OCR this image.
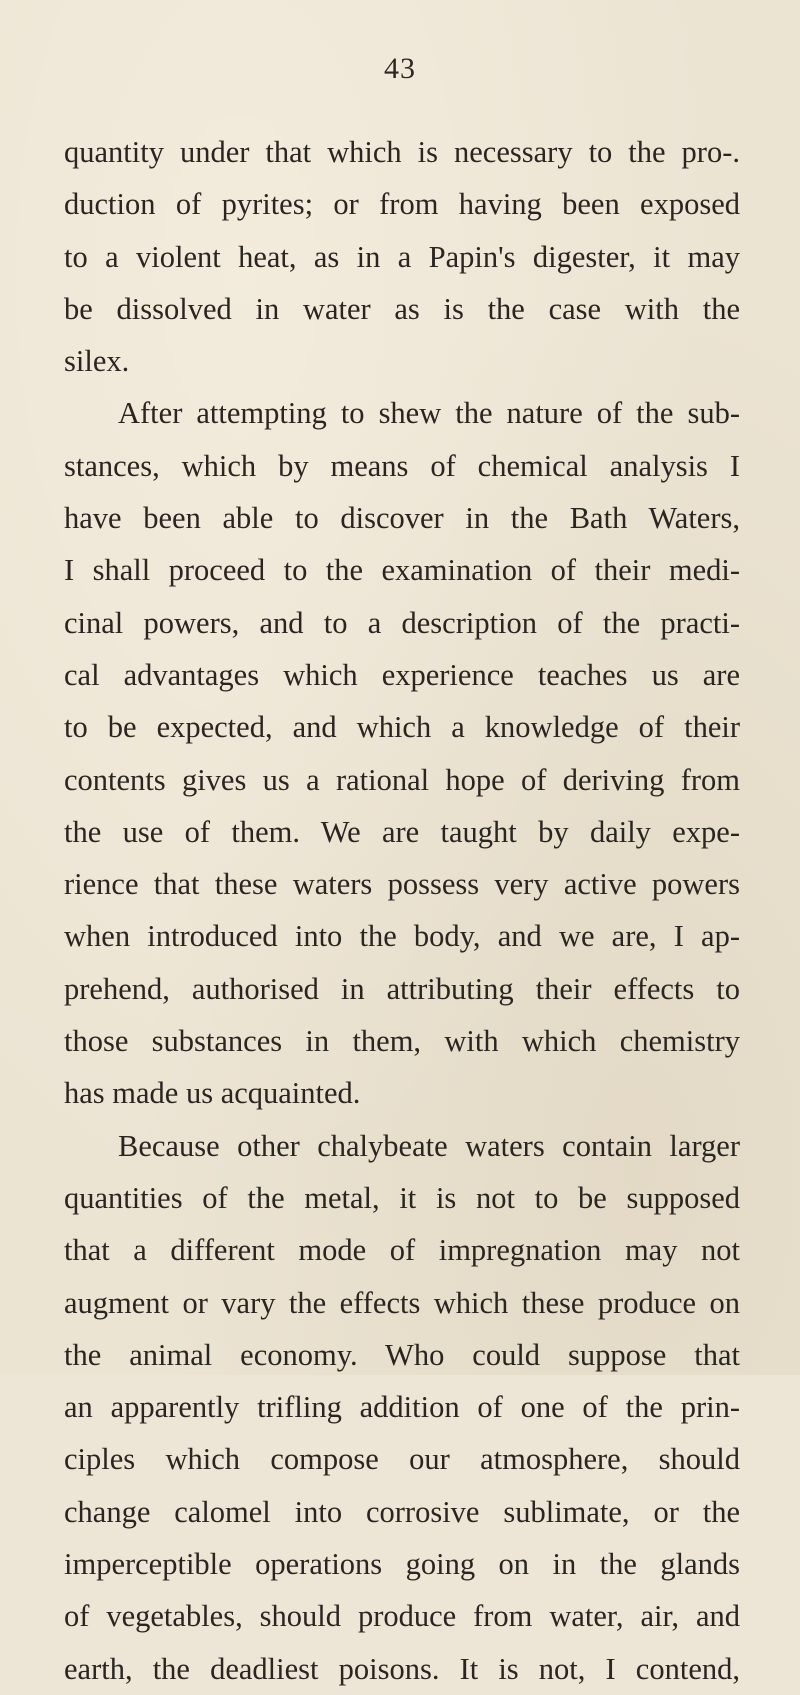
43
quantity under that which is necessary to the pro-.
duction of pyrites; or from having been exposed
to a violent heat, as in a Papin's digester, it may
be dissolved in water as is the case with the
silex.
After attempting to shew the nature of the sub-
stances, which by means of chemical analysis I
have been able to discover in the Bath Waters,
I shall proceed to the examination of their medi-
cinal powers, and to a description of the practi-
cal advantages which experience teaches us are
to be expected, and which a knowledge of their
contents gives us a rational hope of deriving from
the use of them. We are taught by daily expe-
rience that these waters possess very active powers
when introduced into the body, and we are, I ap-
prehend, authorised in attributing their effects to
those substances in them, with which chemistry
has made us acquainted.
Because other chalybeate waters contain larger
quantities of the metal, it is not to be supposed
that a different mode of impregnation may not
augment or vary the effects which these produce on
the animal economy. Who could suppose that
an apparently trifling addition of one of the prin-
ciples which compose our atmosphere, should
change calomel into corrosive sublimate, or the
imperceptible operations going on in the glands
of vegetables, should produce from water, air, and
earth, the deadliest poisons. It is not, I contend,
